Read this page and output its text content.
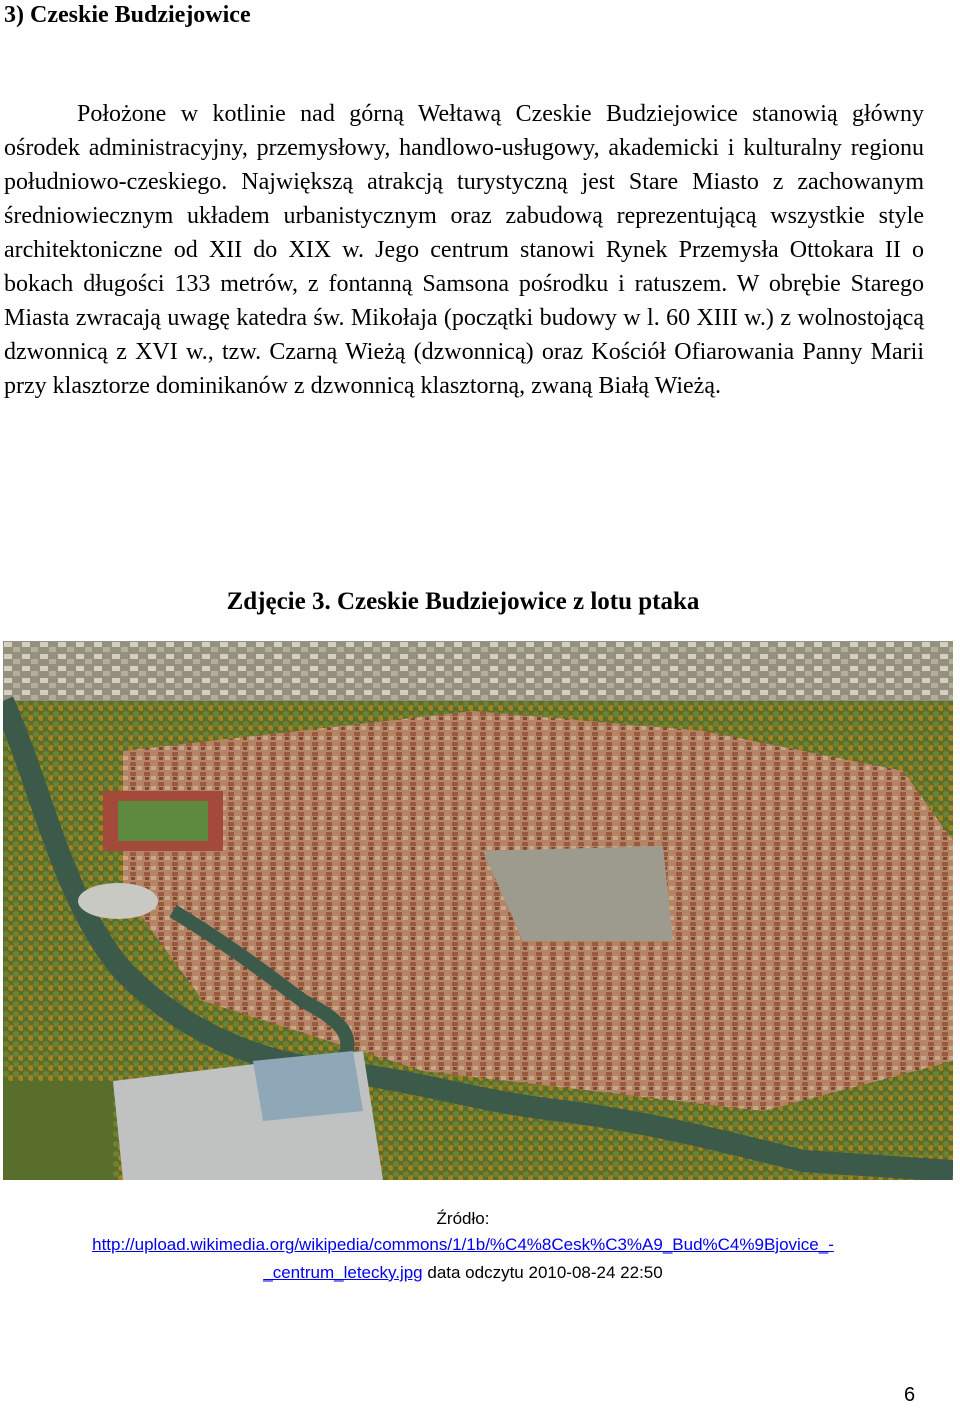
3) Czeskie Budziejowice

Położone w kotlinie nad górną Wełtawą Czeskie Budziejowice stanowią główny ośrodek administracyjny, przemysłowy, handlowo-usługowy, akademicki i kulturalny regionu południowo-czeskiego. Największą atrakcją turystyczną jest Stare Miasto z zachowanym średniowiecznym układem urbanistycznym oraz zabudową reprezentującą wszystkie style architektoniczne od XII do XIX w. Jego centrum stanowi Rynek Przemysła Ottokara II o bokach długości 133 metrów, z fontanną Samsona pośrodku i ratuszem. W obrębie Starego Miasta zwracają uwagę katedra św. Mikołaja (początki budowy w l. 60 XIII w.) z wolnostojącą dzwonnicą z XVI w., tzw. Czarną Wieżą (dzwonnicą) oraz Kościół Ofiarowania Panny Marii przy klasztorze dominikanów z dzwonnicą klasztorną, zwaną Białą Wieżą.

Zdjęcie 3. Czeskie Budziejowice z lotu ptaka

Źródło:

http://upload.wikimedia.org/wikipedia/commons/1/1b/%C4%8Cesk%C3%A9_Bud%C4%9Bjovice_-

_centrum_letecky.jpg data odczytu 2010-08-24 22:50

6
